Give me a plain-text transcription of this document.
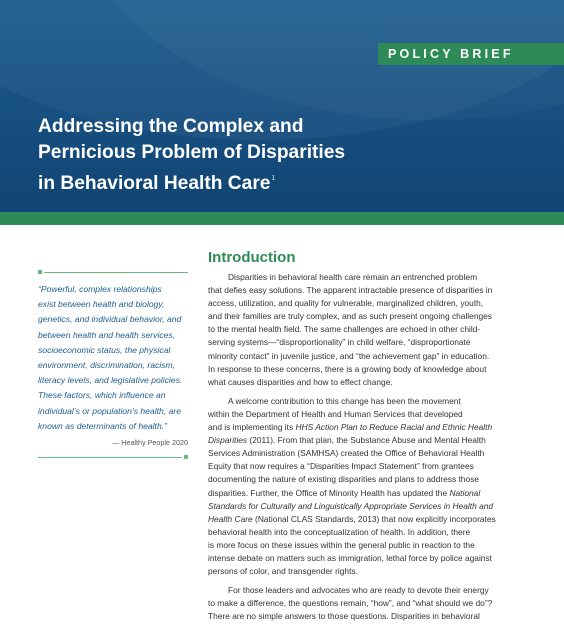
POLICY BRIEF
Addressing the Complex and
Pernicious Problem of Disparities
in Behavioral Health Care$^1$
“Powerful, complex relationships
exist between health and biology,
genetics, and individual behavior, and
between health and health services,
socioeconomic status, the physical
environment, discrimination, racism,
literacy levels, and legislative policies.
These factors, which influence an
individual’s or population’s health, are
known as determinants of health.”
— Healthy People 2020
Introduction
Disparities in behavioral health care remain an entrenched problem
that defies easy solutions. The apparent intractable presence of disparities in
access, utilization, and quality for vulnerable, marginalized children, youth,
and their families are truly complex, and as such present ongoing challenges
to the mental health field. The same challenges are echoed in other child-
serving systems—“disproportionality” in child welfare, “disproportionate
minority contact” in juvenile justice, and “the achievement gap” in education.
In response to these concerns, there is a growing body of knowledge about
what causes disparities and how to effect change.
A welcome contribution to this change has been the movement
within the Department of Health and Human Services that developed
and is implementing its HHS Action Plan to Reduce Racial and Ethnic Health
Disparities (2011). From that plan, the Substance Abuse and Mental Health
Services Administration (SAMHSA) created the Office of Behavioral Health
Equity that now requires a “Disparities Impact Statement” from grantees
documenting the nature of existing disparities and plans to address those
disparities. Further, the Office of Minority Health has updated the National
Standards for Culturally and Linguistically Appropriate Services in Health and
Health Care (National CLAS Standards, 2013) that now explicitly incorporates
behavioral health into the conceptualization of health. In addition, there
is more focus on these issues within the general public in reaction to the
intense debate on matters such as immigration, lethal force by police against
persons of color, and transgender rights.
For those leaders and advocates who are ready to devote their energy
to make a difference, the questions remain, “how”, and “what should we do”?
There are no simple answers to those questions. Disparities in behavioral
